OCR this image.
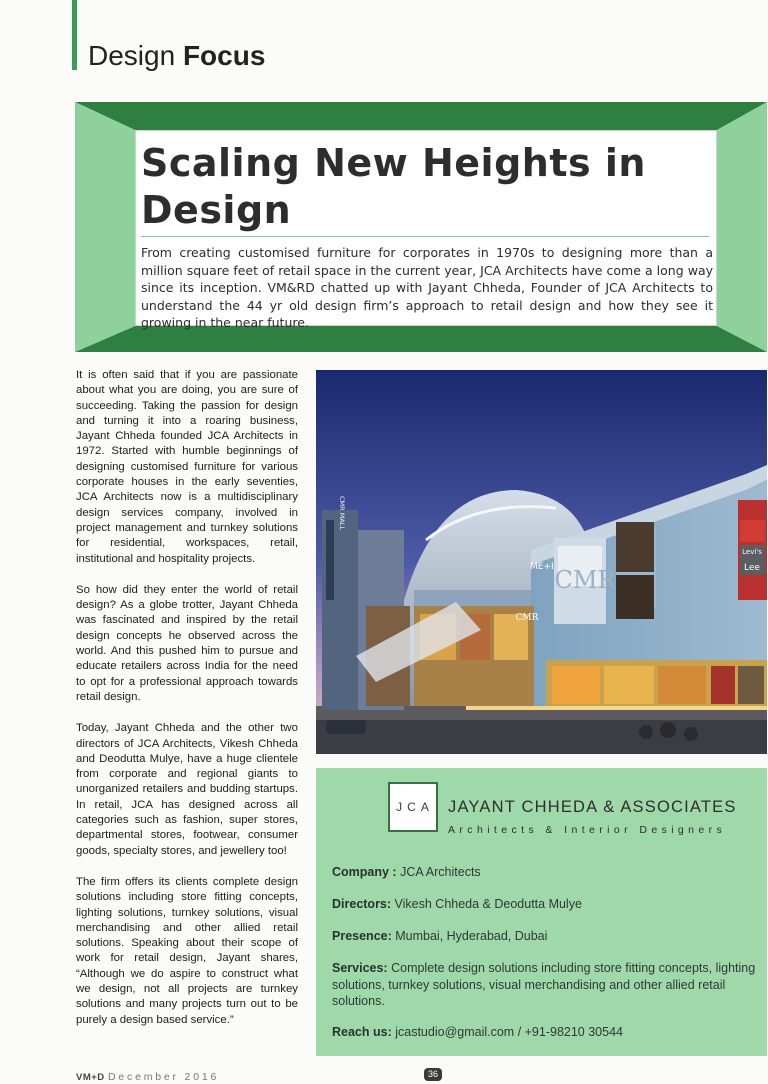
Design Focus
Scaling New Heights in Design

From creating customised furniture for corporates in 1970s to designing more than a million square feet of retail space in the current year, JCA Architects have come a long way since its inception. VM&RD chatted up with Jayant Chheda, Founder of JCA Architects to understand the 44 yr old design firm’s approach to retail design and how they see it growing in the near future.

It is often said that if you are passionate about what you are doing, you are sure of succeeding. Taking the passion for design and turning it into a roaring business, Jayant Chheda founded JCA Architects in 1972. Started with humble beginnings of designing customised furniture for various corporate houses in the early seventies, JCA Architects now is a multidisciplinary design services company, involved in project management and turnkey solutions for residential, workspaces, retail, institutional and hospitality projects.

So how did they enter the world of retail design? As a globe trotter, Jayant Chheda was fascinated and inspired by the retail design concepts he observed across the world. And this pushed him to pursue and educate retailers across India for the need to opt for a professional approach towards retail design.

Today, Jayant Chheda and the other two directors of JCA Architects, Vikesh Chheda and Deodutta Mulye, have a huge clientele from corporate and regional giants to unorganized retailers and budding startups. In retail, JCA has designed across all categories such as fashion, super stores, departmental stores, footwear, consumer goods, specialty stores, and jewellery too!

The firm offers its clients complete design solutions including store fitting concepts, lighting solutions, turnkey solutions, visual merchandising and other allied retail solutions. Speaking about their scope of work for retail design, Jayant shares, “Although we do aspire to construct what we design, not all projects are turnkey solutions and many projects turn out to be purely a design based service.”

CMR
CMR
ME+I
Levi's
Lee
CMR MALL
JCA JAYANT CHHEDA & ASSOCIATES
Architects & Interior Designers
Company : JCA Architects
Directors: Vikesh Chheda & Deodutta Mulye
Presence: Mumbai, Hyderabad, Dubai
Services: Complete design solutions including store fitting concepts, lighting solutions, turnkey solutions, visual merchandising and other allied retail solutions.
Reach us: jcastudio@gmail.com / +91-98210 30544
VM+D December 2016	36
